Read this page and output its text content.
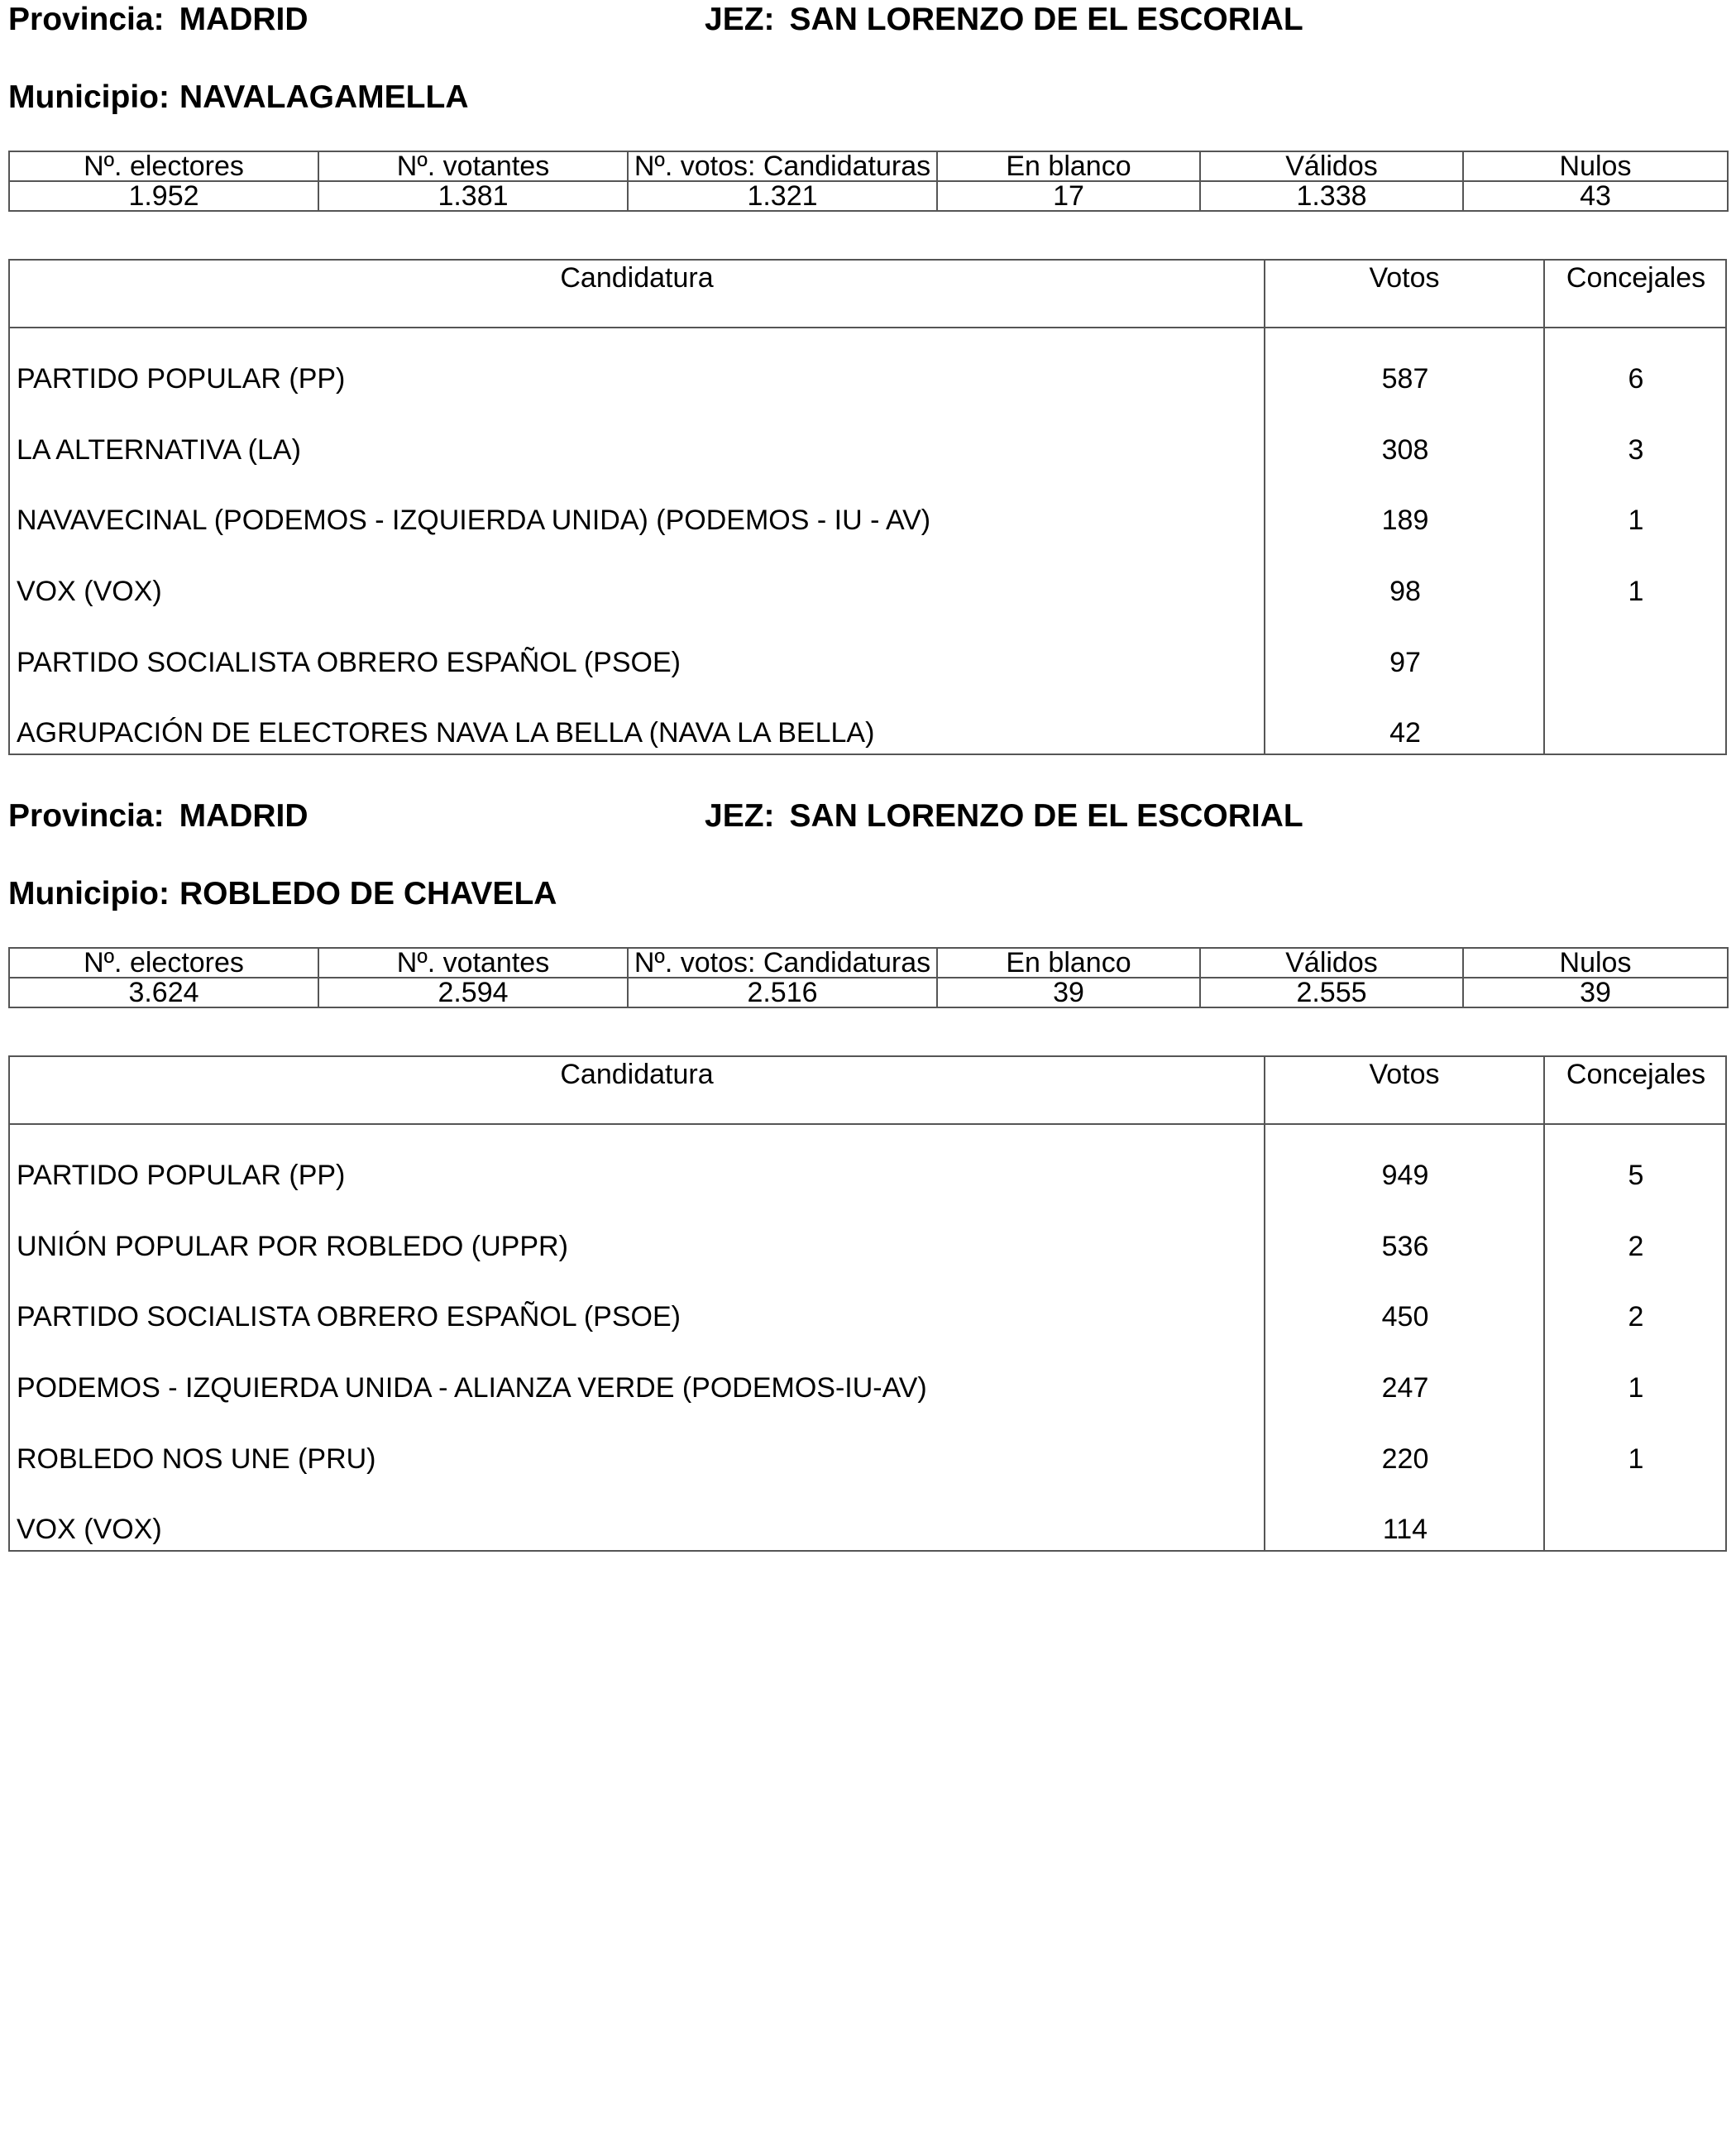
Provincia: MADRID	JEZ: SAN LORENZO DE EL ESCORIAL
Municipio: NAVALAGAMELLA
Nº. electores	Nº. votantes	Nº. votos: Candidaturas	En blanco	Válidos	Nulos
1.952	1.381	1.321	17	1.338	43
Candidatura	Votos	Concejales
PARTIDO POPULAR (PP)	587	6
LA ALTERNATIVA (LA)	308	3
NAVAVECINAL (PODEMOS - IZQUIERDA UNIDA) (PODEMOS - IU - AV)	189	1
VOX (VOX)	98	1
PARTIDO SOCIALISTA OBRERO ESPAÑOL (PSOE)	97
AGRUPACIÓN DE ELECTORES NAVA LA BELLA (NAVA LA BELLA)	42
Provincia: MADRID	JEZ: SAN LORENZO DE EL ESCORIAL
Municipio: ROBLEDO DE CHAVELA
Nº. electores	Nº. votantes	Nº. votos: Candidaturas	En blanco	Válidos	Nulos
3.624	2.594	2.516	39	2.555	39
Candidatura	Votos	Concejales
PARTIDO POPULAR (PP)	949	5
UNIÓN POPULAR POR ROBLEDO (UPPR)	536	2
PARTIDO SOCIALISTA OBRERO ESPAÑOL (PSOE)	450	2
PODEMOS - IZQUIERDA UNIDA - ALIANZA VERDE (PODEMOS-IU-AV)	247	1
ROBLEDO NOS UNE (PRU)	220	1
VOX (VOX)	114
